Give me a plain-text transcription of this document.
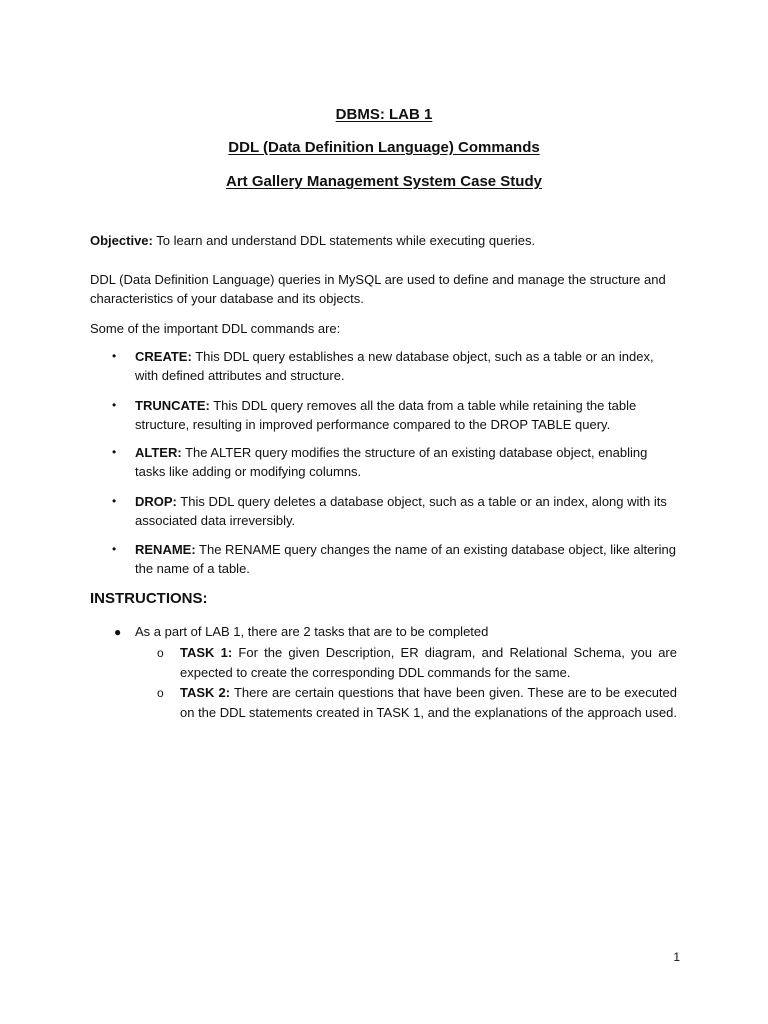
DBMS: LAB 1
DDL (Data Definition Language) Commands
Art Gallery Management System Case Study
Objective: To learn and understand DDL statements while executing queries.
DDL (Data Definition Language) queries in MySQL are used to define and manage the structure and characteristics of your database and its objects.
Some of the important DDL commands are:
• CREATE: This DDL query establishes a new database object, such as a table or an index, with defined attributes and structure.
• TRUNCATE: This DDL query removes all the data from a table while retaining the table structure, resulting in improved performance compared to the DROP TABLE query.
• ALTER: The ALTER query modifies the structure of an existing database object, enabling tasks like adding or modifying columns.
• DROP: This DDL query deletes a database object, such as a table or an index, along with its associated data irreversibly.
• RENAME: The RENAME query changes the name of an existing database object, like altering the name of a table.
INSTRUCTIONS:
● As a part of LAB 1, there are 2 tasks that are to be completed
o TASK 1: For the given Description, ER diagram, and Relational Schema, you are expected to create the corresponding DDL commands for the same.
o TASK 2: There are certain questions that have been given. These are to be executed on the DDL statements created in TASK 1, and the explanations of the approach used.
1
